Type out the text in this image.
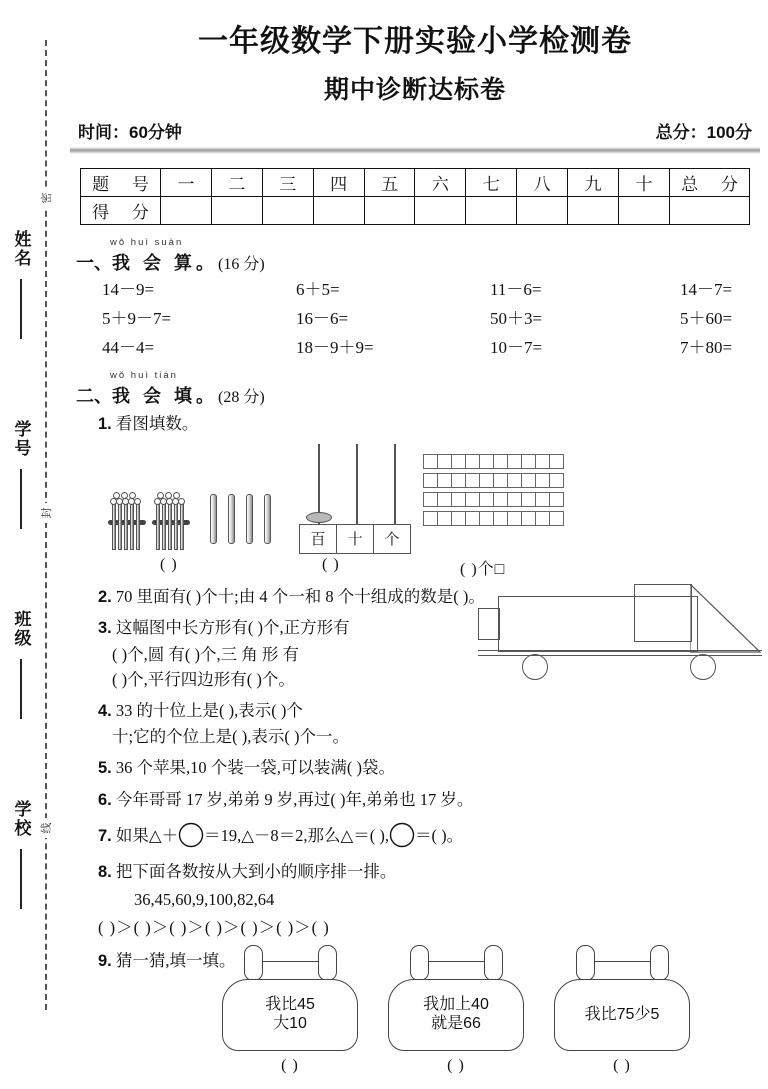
密
封
线
姓名
学号
班级
学校
一年级数学下册实验小学检测卷
期中诊断达标卷
时间：60分钟	总分：100分
题 号	一	二	三	四	五	六	七	八	九	十	总 分
得 分											
wǒ huì suàn
一、我 会 算。(16 分)
14－9=	6＋5=	11－6=	14－7=
5＋9－7=	16－6=	50＋3=	5＋60=
44－4=	18－9＋9=	10－7=	7＋80=
wǒ huì tián
二、我 会 填。(28 分)
1. 看图填数。
( )
百	十	个
( )	( )个□
2. 70 里面有( )个十;由 4 个一和 8 个十组成的数是( )。
3. 这幅图中长方形有( )个,正方形有
( )个,圆 有( )个,三 角 形 有
( )个,平行四边形有( )个。
4. 33 的十位上是( ),表示( )个
十;它的个位上是( ),表示( )个一。
5. 36 个苹果,10 个装一袋,可以装满( )袋。
6. 今年哥哥 17 岁,弟弟 9 岁,再过( )年,弟弟也 17 岁。
7. 如果△＋ ＝19,△－8＝2,那么△＝( ), ＝( )。
8. 把下面各数按从大到小的顺序排一排。
36,45,60,9,100,82,64
( )＞( )＞( )＞( )＞( )＞( )＞( )
9. 猜一猜,填一填。
我比45
大10
( )
我加上40
就是66
( )
我比75少5
( )
